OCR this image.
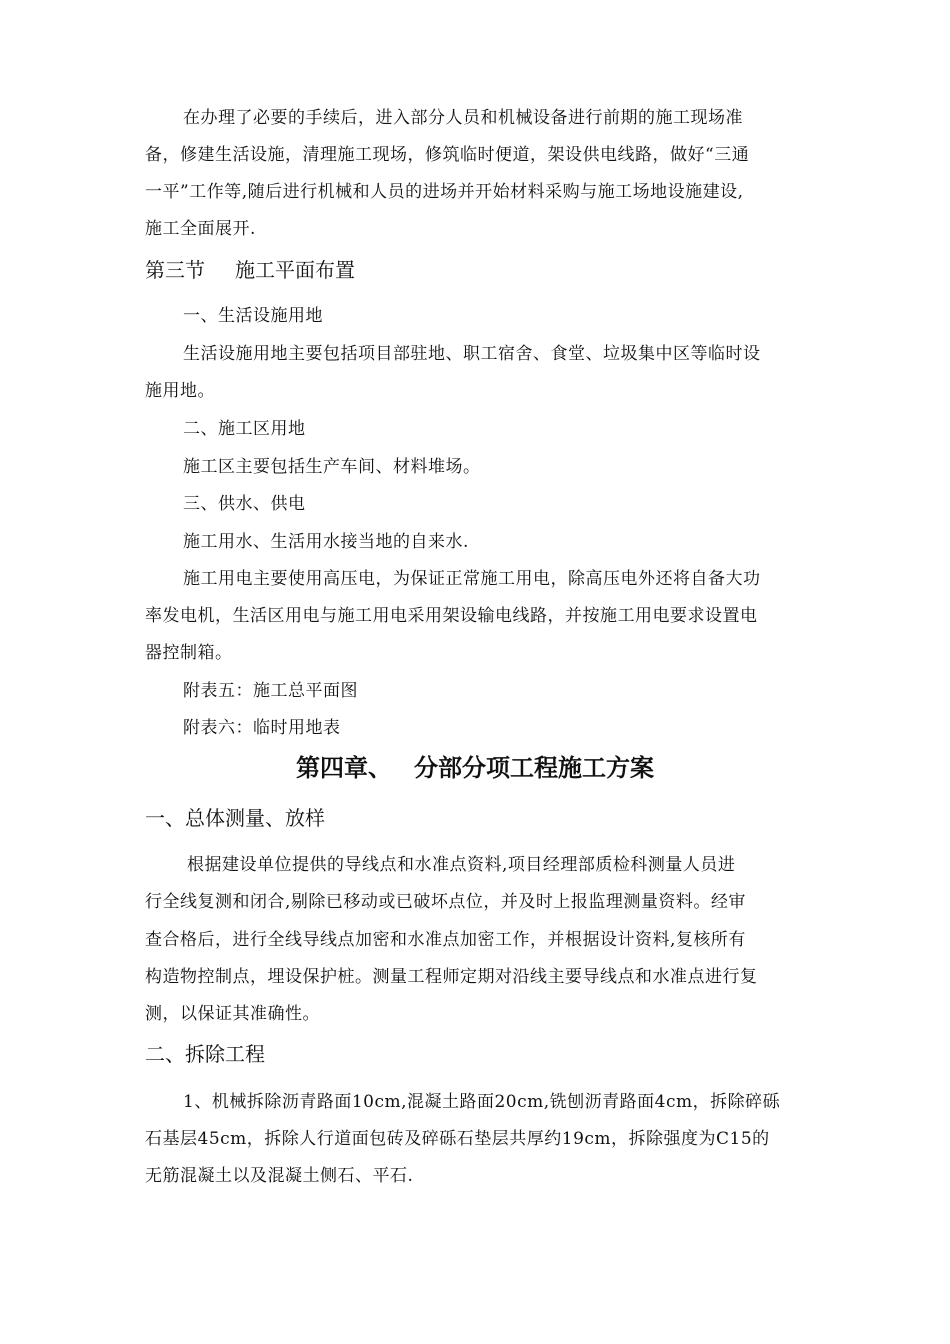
在办理了必要的手续后，进入部分人员和机械设备进行前期的施工现场准
备，修建生活设施，清理施工现场，修筑临时便道，架设供电线路，做好“三通
一平”工作等,随后进行机械和人员的进场并开始材料采购与施工场地设施建设,
施工全面展开.
第三节 施工平面布置
一、生活设施用地
生活设施用地主要包括项目部驻地、职工宿舍、食堂、垃圾集中区等临时设
施用地。
二、施工区用地
施工区主要包括生产车间、材料堆场。
三、供水、供电
施工用水、生活用水接当地的自来水.
施工用电主要使用高压电，为保证正常施工用电，除高压电外还将自备大功
率发电机，生活区用电与施工用电采用架设输电线路，并按施工用电要求设置电
器控制箱。
附表五：施工总平面图
附表六：临时用地表
第四章、 分部分项工程施工方案
一、总体测量、放样
根据建设单位提供的导线点和水准点资料,项目经理部质检科测量人员进
行全线复测和闭合,剔除已移动或已破坏点位，并及时上报监理测量资料。经审
查合格后，进行全线导线点加密和水准点加密工作，并根据设计资料,复核所有
构造物控制点，埋设保护桩。测量工程师定期对沿线主要导线点和水准点进行复
测，以保证其准确性。
二、拆除工程
1、机械拆除沥青路面10cm,混凝土路面20cm,铣刨沥青路面4cm，拆除碎砾
石基层45cm，拆除人行道面包砖及碎砾石垫层共厚约19cm，拆除强度为C15的
无筋混凝土以及混凝土侧石、平石.
